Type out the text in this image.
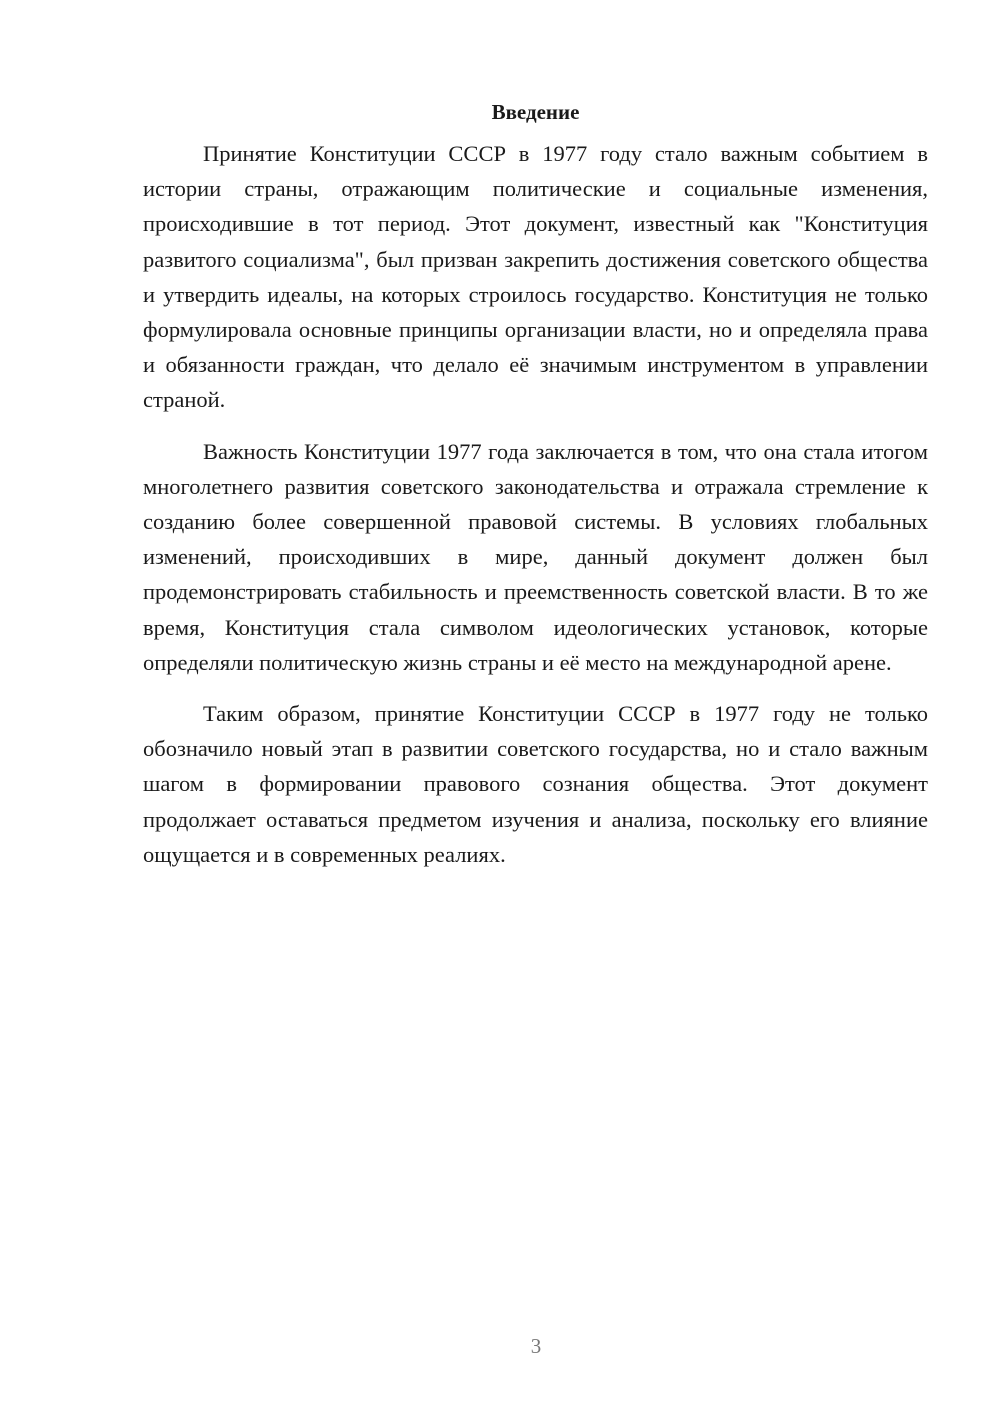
Введение

Принятие Конституции СССР в 1977 году стало важным событием в истории страны, отражающим политические и социальные изменения, происходившие в тот период. Этот документ, известный как "Конституция развитого социализма", был призван закрепить достижения советского общества и утвердить идеалы, на которых строилось государство. Конституция не только формулировала основные принципы организации власти, но и определяла права и обязанности граждан, что делало её значимым инструментом в управлении страной.

Важность Конституции 1977 года заключается в том, что она стала итогом многолетнего развития советского законодательства и отражала стремление к созданию более совершенной правовой системы. В условиях глобальных изменений, происходивших в мире, данный документ должен был продемонстрировать стабильность и преемственность советской власти. В то же время, Конституция стала символом идеологических установок, которые определяли политическую жизнь страны и её место на международной арене.

Таким образом, принятие Конституции СССР в 1977 году не только обозначило новый этап в развитии советского государства, но и стало важным шагом в формировании правового сознания общества. Этот документ продолжает оставаться предметом изучения и анализа, поскольку его влияние ощущается и в современных реалиях.

3
